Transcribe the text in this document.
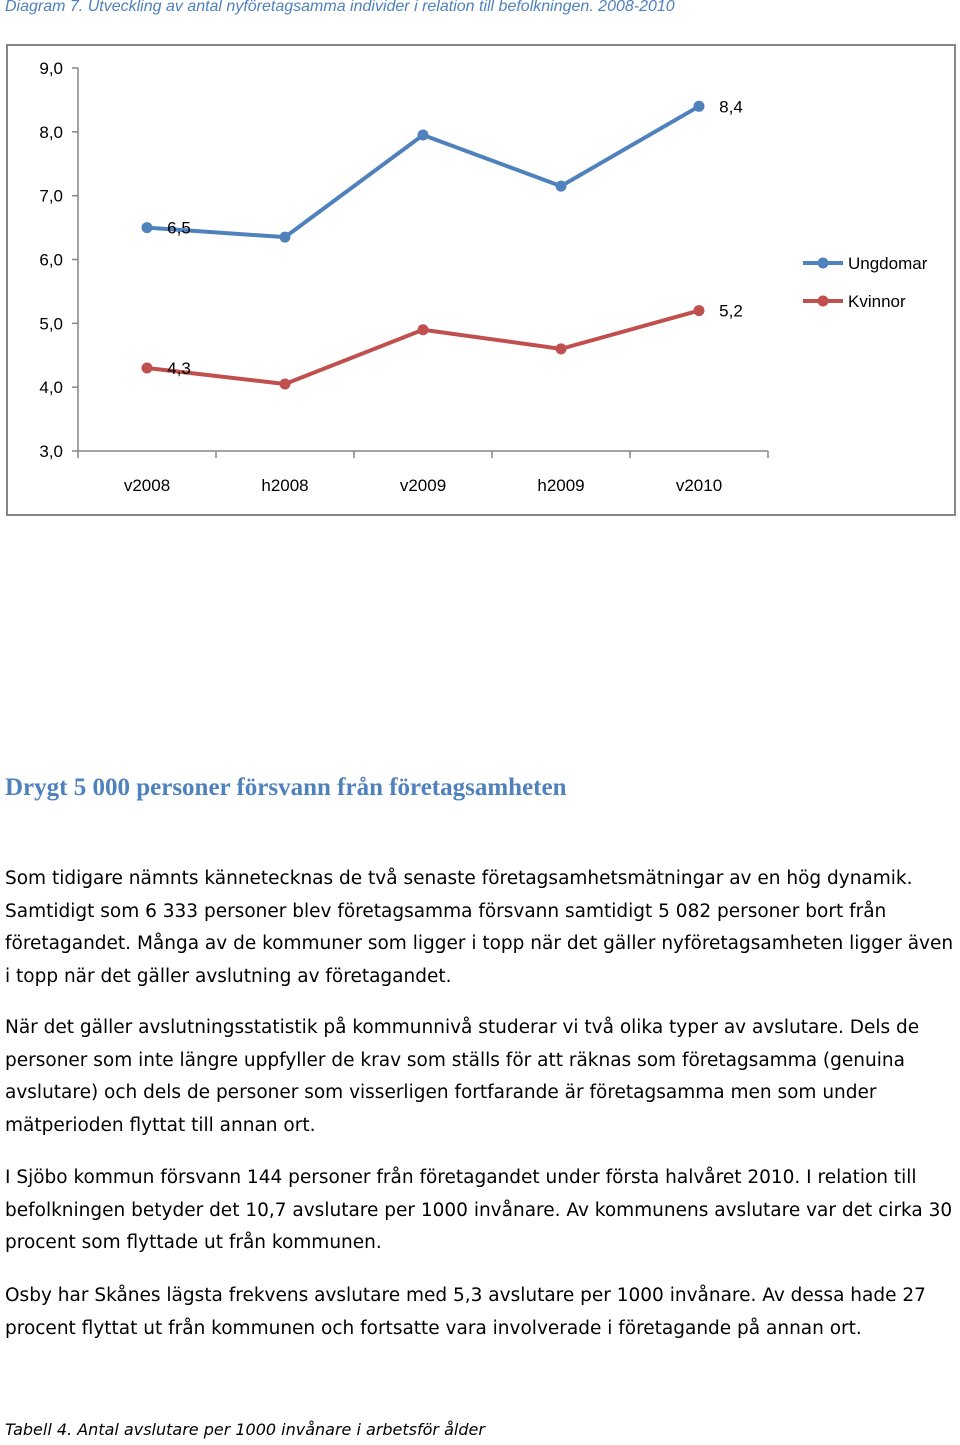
Diagram 7. Utveckling av antal nyföretagsamma individer i relation till befolkningen. 2008-2010

3,0
4,0
5,0
6,0
7,0
8,0
9,0
v2008	h2008	v2009	h2009	v2010
6,5
8,4
4,3
5,2
Ungdomar
Kvinnor
Drygt 5 000 personer försvann från företagsamheten

Som tidigare nämnts kännetecknas de två senaste företagsamhetsmätningar av en hög dynamik. Samtidigt som 6 333 personer blev företagsamma försvann samtidigt 5 082 personer bort från företagandet. Många av de kommuner som ligger i topp när det gäller nyföretagsamheten ligger även i topp när det gäller avslutning av företagandet.

När det gäller avslutningsstatistik på kommunnivå studerar vi två olika typer av avslutare. Dels de personer som inte längre uppfyller de krav som ställs för att räknas som företagsamma (genuina avslutare) och dels de personer som visserligen fortfarande är företagsamma men som under mätperioden flyttat till annan ort.

I Sjöbo kommun försvann 144 personer från företagandet under första halvåret 2010. I relation till befolkningen betyder det 10,7 avslutare per 1000 invånare. Av kommunens avslutare var det cirka 30 procent som flyttade ut från kommunen.

Osby har Skånes lägsta frekvens avslutare med 5,3 avslutare per 1000 invånare. Av dessa hade 27 procent flyttat ut från kommunen och fortsatte vara involverade i företagande på annan ort.

Tabell 4. Antal avslutare per 1000 invånare i arbetsför ålder
